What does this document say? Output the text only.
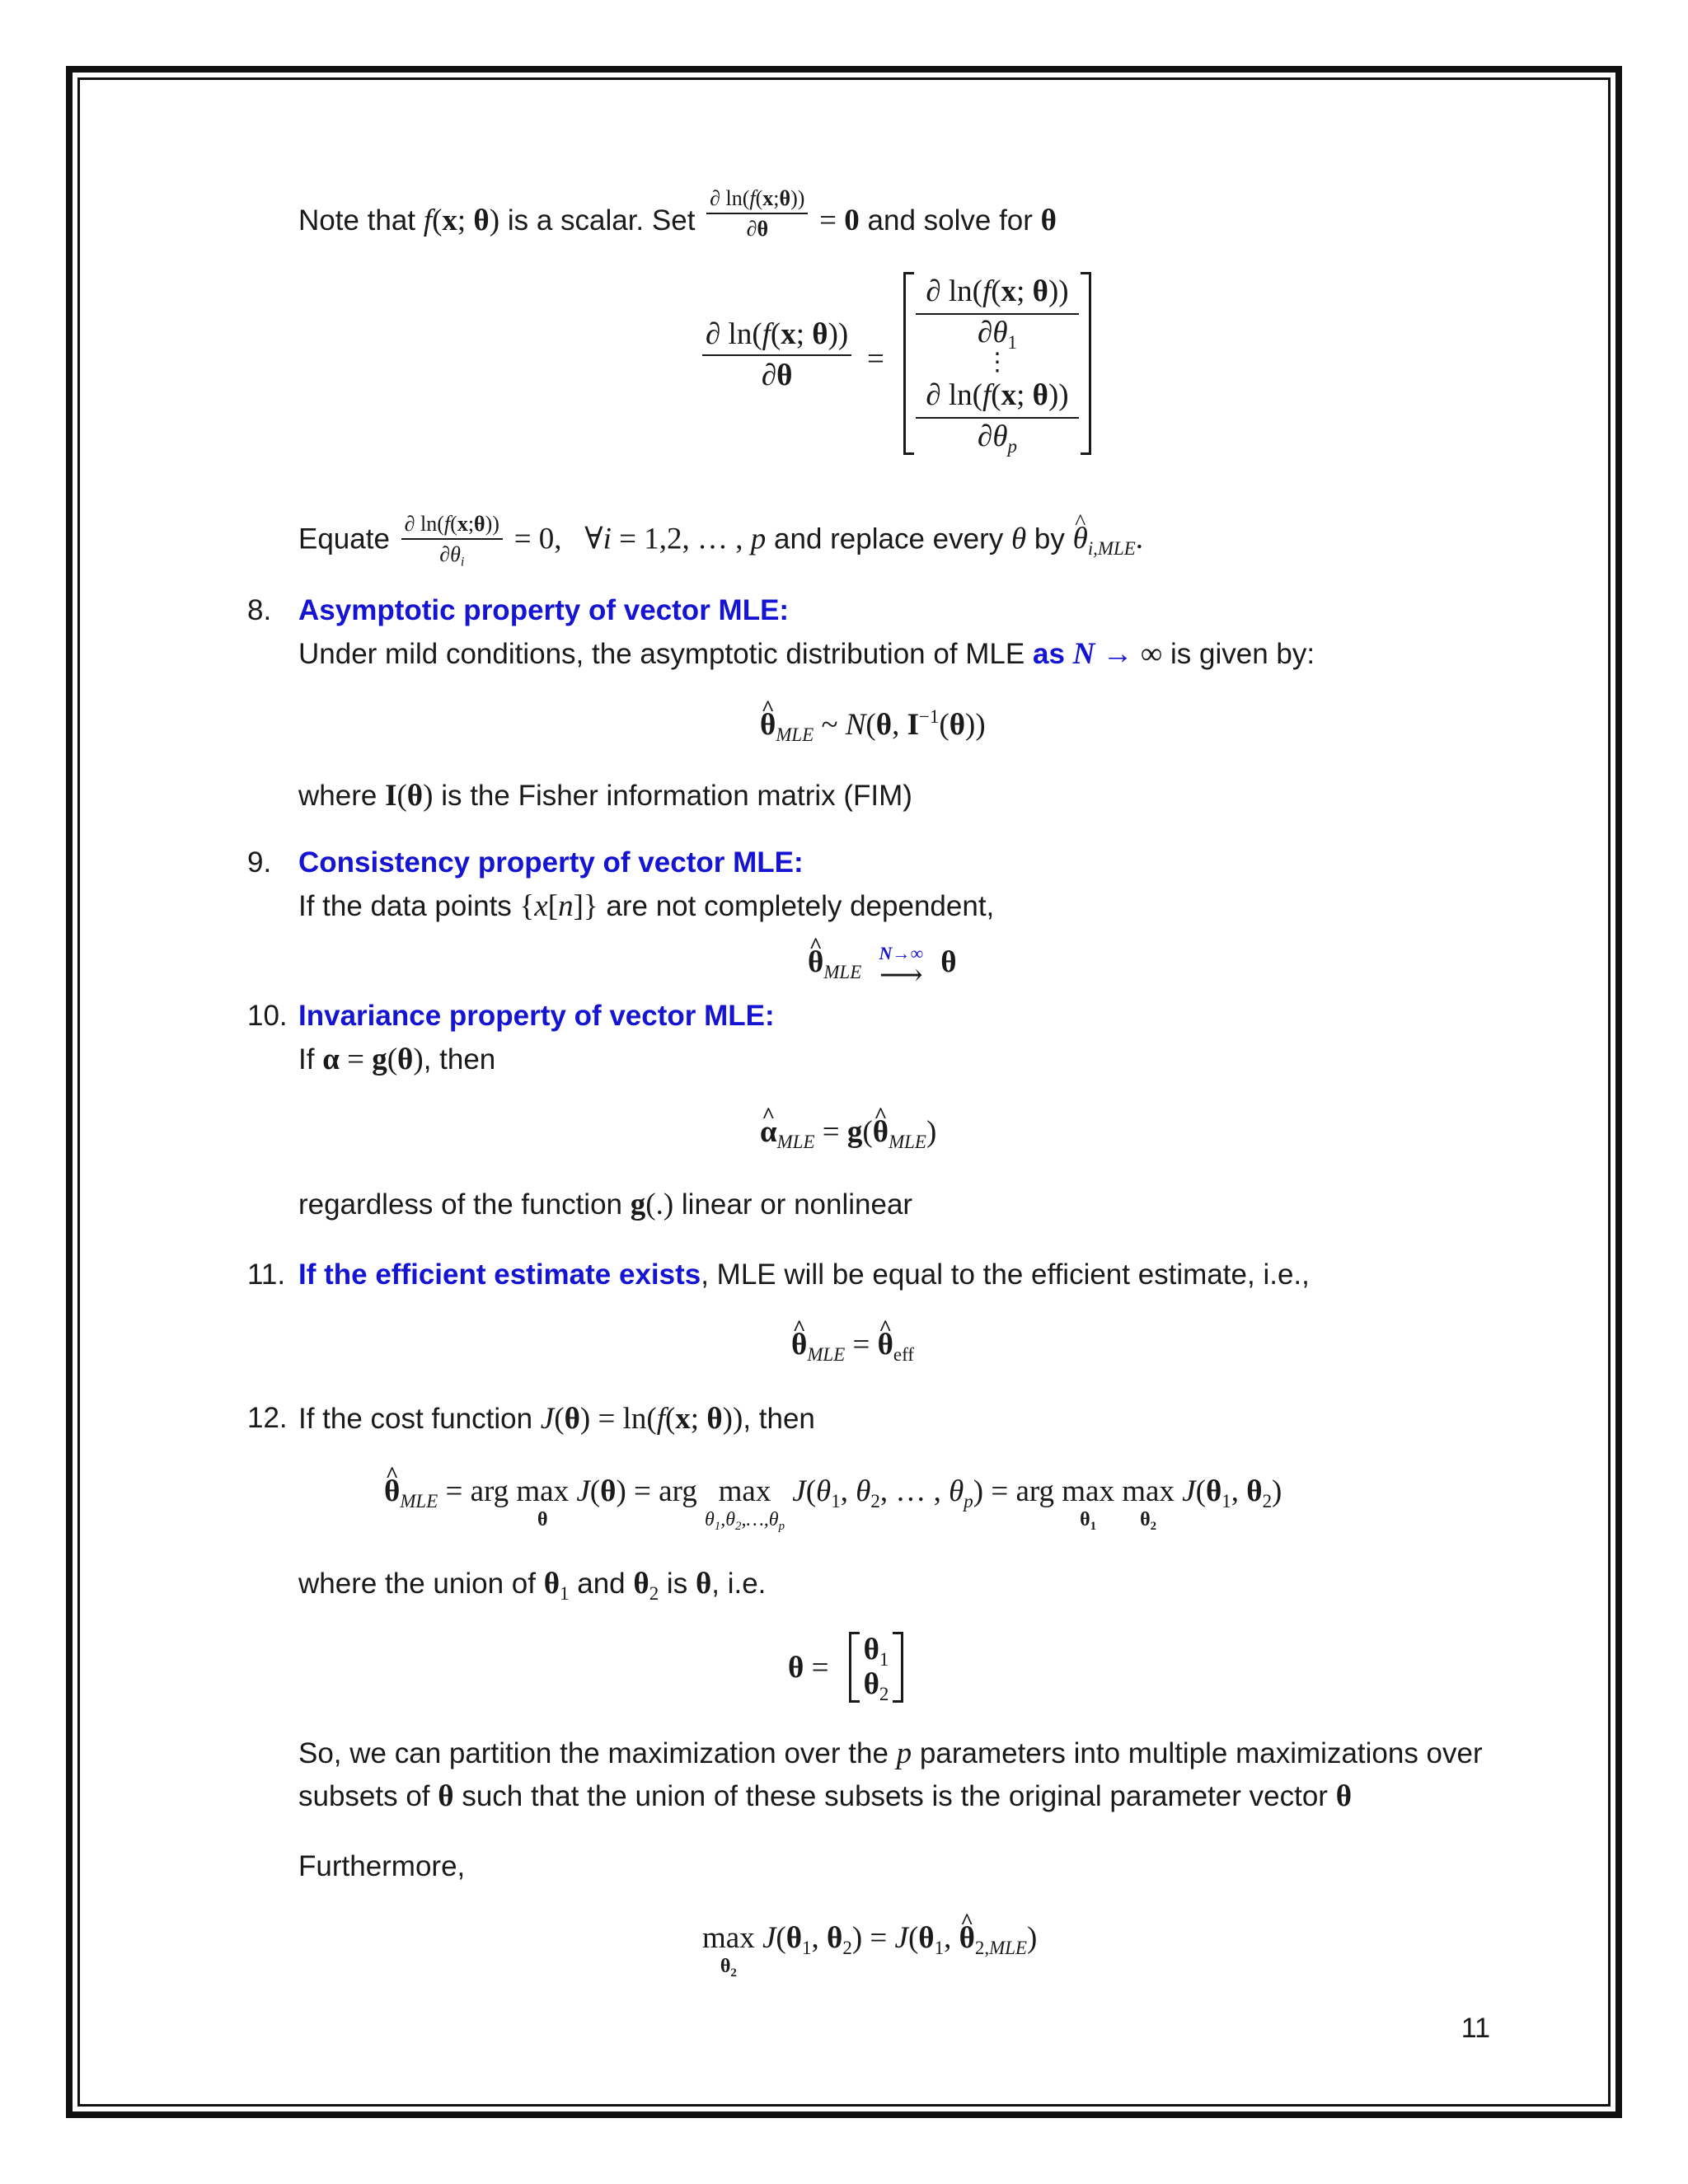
Note that f(x; θ) is a scalar. Set $\frac{\partial \ln(f(x;\theta))}{\partial\theta} = 0$ and solve for θ
$\frac{\partial \ln(f(x; \theta))}{\partial\theta}$ =
∂ ln(f(x; θ))
$\partial\theta_1$
⋮
∂ ln(f(x; θ))
$\partial\theta_p$
Equate $\frac{\partial \ln(f(x;\theta))}{\partial\theta_i} = 0$,   ∀i = 1,2, … , p and replace every θ by ^ $\theta_{i,MLE}$.
8. Asymptotic property of vector MLE:
Under mild conditions, the asymptotic distribution of MLE as N → ∞ is given by:
^ $\theta_{MLE}$ ~ N(θ, $I^{-1}(\theta)$)
where I(θ) is the Fisher information matrix (FIM)
9. Consistency property of vector MLE:
If the data points {x[n]} are not completely dependent,
^ $\theta_{MLE}$
N→∞
⟶ θ
10. Invariance property of vector MLE:
If α = g(θ), then
^ $\alpha_{MLE}$ = g(^ $\theta_{MLE}$)
regardless of the function g(.) linear or nonlinear
11. If the efficient estimate exists, MLE will be equal to the efficient estimate, i.e.,
^ $\theta_{MLE}$ = ^ $\theta_{eff}$
12. If the cost function J(θ) = ln(f(x; θ)), then
^ $\theta_{MLE}$ = arg max
θ
J(θ) = arg max
$\theta_1,\theta_2,\dots,\theta_p$
$J(\theta_1$, $\theta_2$, … , $\theta_p$) = arg max
$\theta_1$
max
$\theta_2$
$J(\theta_1$, $\theta_2$)
where the union of $\theta_1$ and $\theta_2$ is θ, i.e.
θ =
$\theta_1$
$\theta_2$
So, we can partition the maximization over the p parameters into multiple maximizations over
subsets of θ such that the union of these subsets is the original parameter vector θ
Furthermore,
max
$\theta_2$
$J(\theta_1$, $\theta_2) = J(\theta_1$, ^ $\theta_{2,MLE}$)
11
